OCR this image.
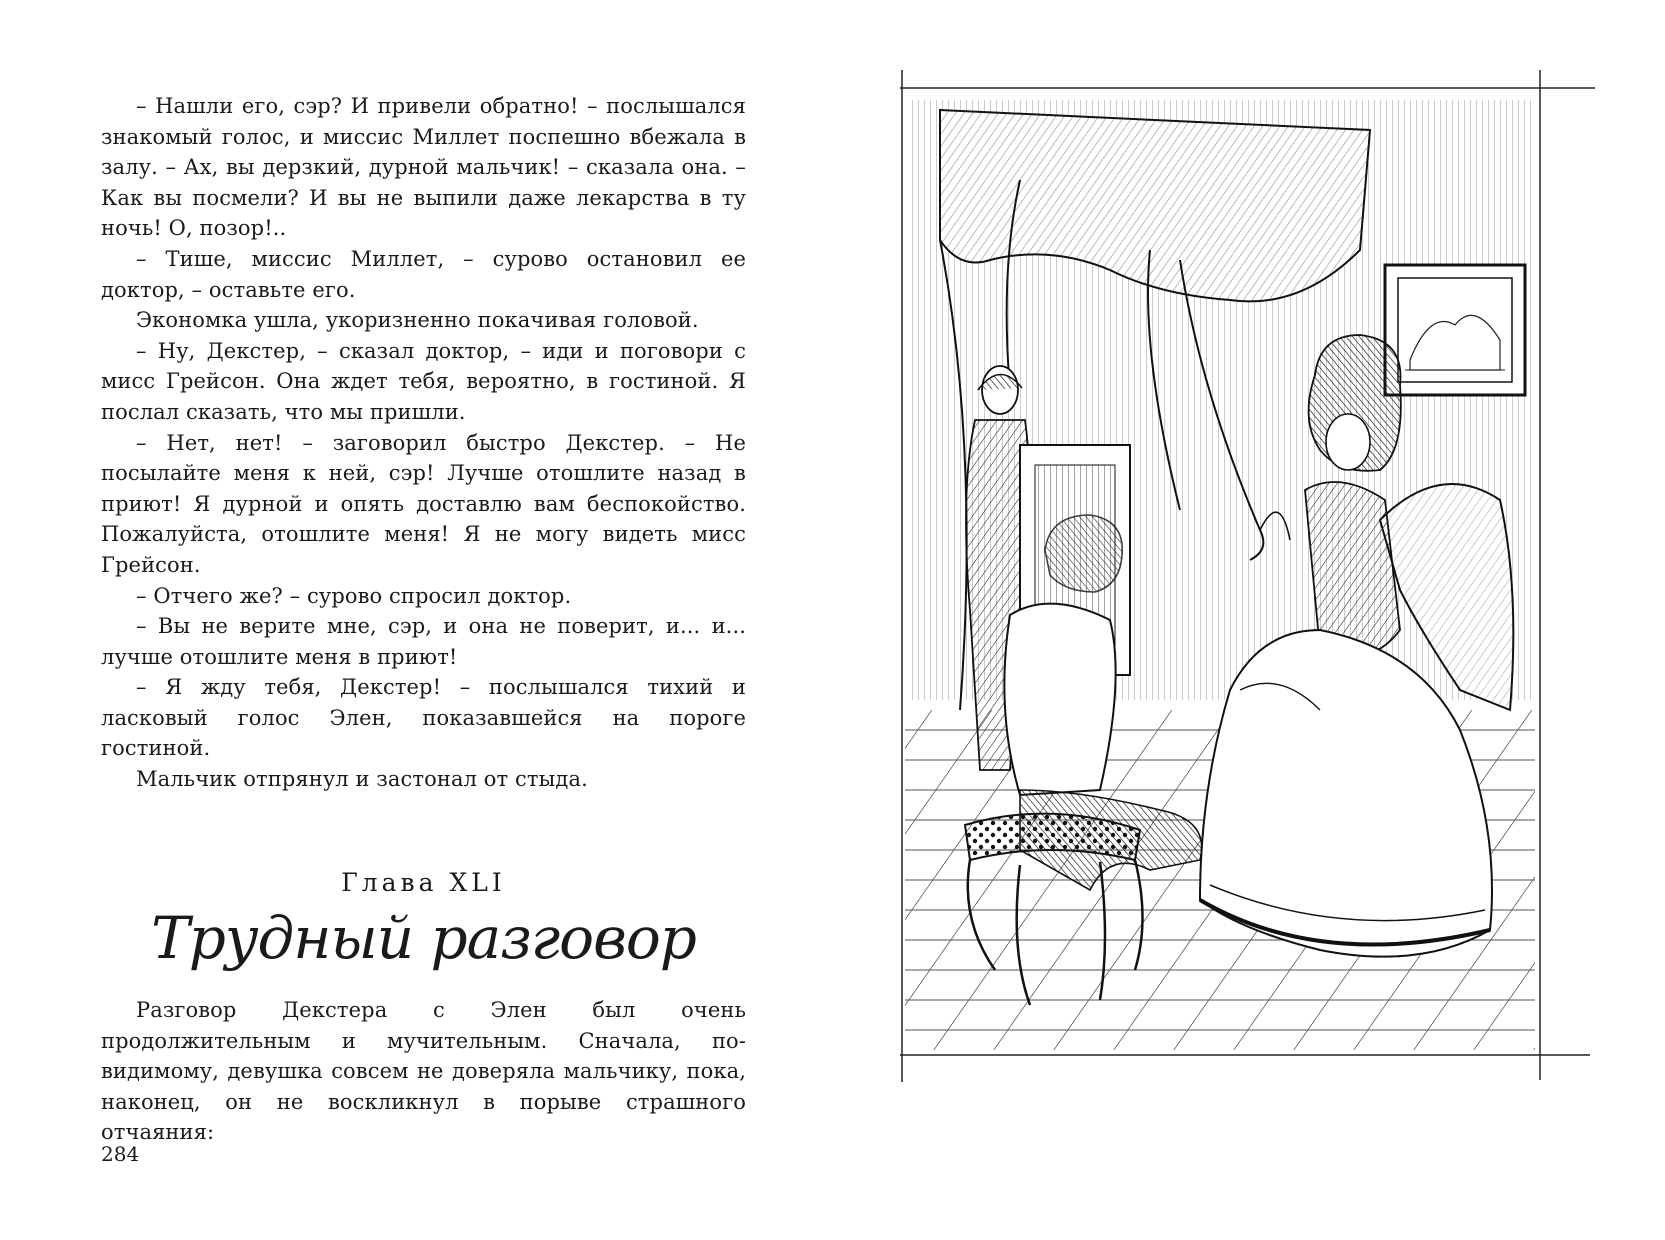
– Нашли его, сэр? И привели обратно! – послышался знакомый голос, и миссис Миллет поспешно вбежала в залу. – Ах, вы дерзкий, дурной мальчик! – сказала она. – Как вы посмели? И вы не выпили даже лекарства в ту ночь! О, позор!..

– Тише, миссис Миллет, – сурово остановил ее доктор, – оставьте его.

Экономка ушла, укоризненно покачивая головой.

– Ну, Декстер, – сказал доктор, – иди и поговори с мисс Грейсон. Она ждет тебя, вероятно, в гостиной. Я послал сказать, что мы пришли.

– Нет, нет! – заговорил быстро Декстер. – Не посылайте меня к ней, сэр! Лучше отошлите назад в приют! Я дурной и опять доставлю вам беспокойство. Пожалуйста, отошлите меня! Я не могу видеть мисс Грейсон.

– Отчего же? – сурово спросил доктор.

– Вы не верите мне, сэр, и она не поверит, и... и... лучше отошлите меня в приют!

– Я жду тебя, Декстер! – послышался тихий и ласковый голос Элен, показавшейся на пороге гостиной.

Мальчик отпрянул и застонал от стыда.

Глава XLI

Трудный разговор

Разговор Декстера с Элен был очень продолжительным и мучительным. Сначала, по-видимому, девушка совсем не доверяла мальчику, пока, наконец, он не воскликнул в порыве страшного отчаяния:

284
